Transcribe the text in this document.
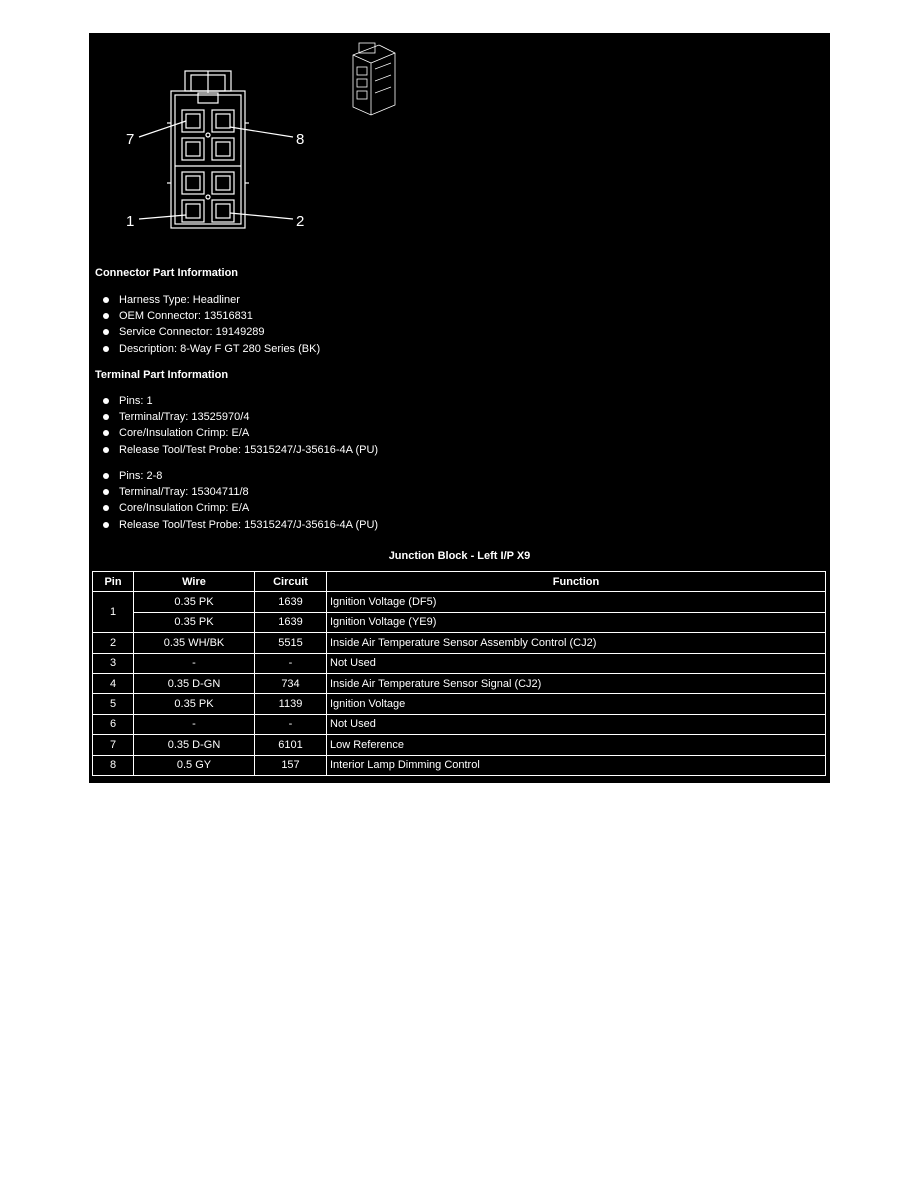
7	8
1	2
Connector Part Information
Harness Type: Headliner
OEM Connector: 13516831
Service Connector: 19149289
Description: 8-Way F GT 280 Series (BK)
Terminal Part Information
Pins: 1
Terminal/Tray: 13525970/4
Core/Insulation Crimp: E/A
Release Tool/Test Probe: 15315247/J-35616-4A (PU)
Pins: 2-8
Terminal/Tray: 15304711/8
Core/Insulation Crimp: E/A
Release Tool/Test Probe: 15315247/J-35616-4A (PU)
Junction Block - Left I/P X9
Pin	Wire	Circuit	Function
1	0.35 PK	1639	Ignition Voltage (DF5)
	0.35 PK	1639	Ignition Voltage (YE9)
2	0.35 WH/BK	5515	Inside Air Temperature Sensor Assembly Control (CJ2)
3	-	-	Not Used
4	0.35 D-GN	734	Inside Air Temperature Sensor Signal (CJ2)
5	0.35 PK	1139	Ignition Voltage
6	-	-	Not Used
7	0.35 D-GN	6101	Low Reference
8	0.5 GY	157	Interior Lamp Dimming Control
